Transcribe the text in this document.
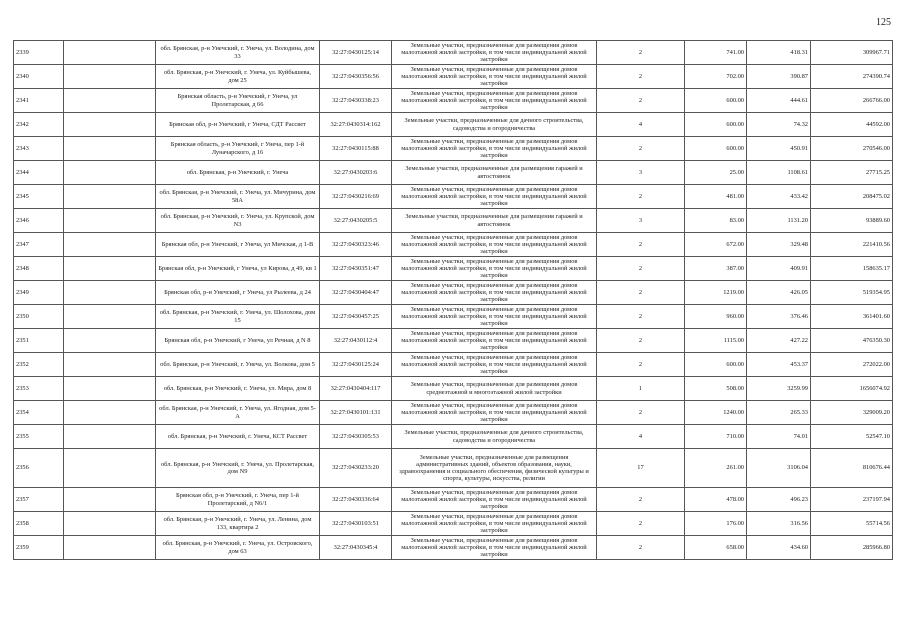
125
2339		обл. Брянская, р-н Унечский, г. Унеча, ул. Володина, дом 33	32:27:0430125:14	Земельные участки, предназначенные для размещения домов малоэтажной жилой застройки, в том числе индивидуальной жилой застройки	2	741.00	418.31	309967.71
2340		обл. Брянская, р-н Унечский, г. Унеча, ул. Куйбышева, дом 25	32:27:0430356:56	Земельные участки, предназначенные для размещения домов малоэтажной жилой застройки, в том числе индивидуальной жилой застройки	2	702.00	390.87	274390.74
2341		Брянская область, р-н Унечский, г Унеча, ул Пролетарская, д 66	32:27:0430338:23	Земельные участки, предназначенные для размещения домов малоэтажной жилой застройки, в том числе индивидуальной жилой застройки	2	600.00	444.61	266766.00
2342		Брянская обл, р-н Унечский, г Унеча, СДТ Рассвет	32:27:0430314:162	Земельные участки, предназначенные для дачного строительства, садоводства и огородничества	4	600.00	74.32	44592.00
2343		Брянская область, р-н Унечский, г Унеча, пер 1-й Луначарского, д 16	32:27:0430115:88	Земельные участки, предназначенные для размещения домов малоэтажной жилой застройки, в том числе индивидуальной жилой застройки	2	600.00	450.91	270546.00
2344		обл. Брянская, р-н Унечский, г. Унеча	32:27:0430203:6	Земельные участки, предназначенные для размещения гаражей и автостоянок	3	25.00	1108.61	27715.25
2345		обл. Брянская, р-н Унечский, г. Унеча, ул. Мичурина, дом 58А	32:27:0430216:69	Земельные участки, предназначенные для размещения домов малоэтажной жилой застройки, в том числе индивидуальной жилой застройки	2	481.00	433.42	208475.02
2346		обл. Брянская, р-н Унечский, г. Унеча, ул. Крупской, дом N3	32:27:0430205:5	Земельные участки, предназначенные для размещения гаражей и автостоянок	3	83.00	1131.20	93889.60
2347		Брянская обл, р-н Унечский, г Унеча, ул Мичская, д 1-В	32:27:0430323:46	Земельные участки, предназначенные для размещения домов малоэтажной жилой застройки, в том числе индивидуальной жилой застройки	2	672.00	329.48	221410.56
2348		Брянская обл, р-н Унечский, г Унеча, ул Кирова, д 49, кв 1	32:27:0430351:47	Земельные участки, предназначенные для размещения домов малоэтажной жилой застройки, в том числе индивидуальной жилой застройки	2	387.00	409.91	158635.17
2349		Брянская обл, р-н Унечский, г Унеча, ул Рылеева, д 24	32:27:0430404:47	Земельные участки, предназначенные для размещения домов малоэтажной жилой застройки, в том числе индивидуальной жилой застройки	2	1219.00	426.05	519354.95
2350		обл. Брянская, р-н Унечский, г. Унеча, ул. Шолохова, дом 15	32:27:0430457:25	Земельные участки, предназначенные для размещения домов малоэтажной жилой застройки, в том числе индивидуальной жилой застройки	2	960.00	376.46	361401.60
2351		Брянская обл, р-н Унечский, г Унеча, ул Речная, д N 8	32:27:0430112:4	Земельные участки, предназначенные для размещения домов малоэтажной жилой застройки, в том числе индивидуальной жилой застройки	2	1115.00	427.22	476350.30
2352		обл. Брянская, р-н Унечский, г. Унеча, ул. Волкова, дом 5	32:27:0430125:24	Земельные участки, предназначенные для размещения домов малоэтажной жилой застройки, в том числе индивидуальной жилой застройки	2	600.00	453.37	272022.00
2353		обл. Брянская, р-н Унечский, г. Унеча, ул. Мира, дом 8	32:27:0430404:117	Земельные участки, предназначенные для размещения домов среднеэтажной и многоэтажной жилой застройки	1	508.00	3259.99	1656074.92
2354		обл. Брянская, р-н Унечский, г. Унеча, ул. Ягодная, дом 5-А	32:27:0430101:131	Земельные участки, предназначенные для размещения домов малоэтажной жилой застройки, в том числе индивидуальной жилой застройки	2	1240.00	265.33	329009.20
2355		обл. Брянская, р-н Унечский, г. Унеча, КСТ Рассвет	32:27:0430305:53	Земельные участки, предназначенные для дачного строительства, садоводства и огородничества	4	710.00	74.01	52547.10
2356		обл. Брянская, р-н Унечский, г. Унеча, ул. Пролетарская, дом N9	32:27:0430233:20	Земельные участки, предназначенные для размещения административных зданий, объектов образования, науки, здравоохранения и социального обеспечения, физической культуры и спорта, культуры, искусства, религии	17	261.00	3106.04	810676.44
2357		Брянская обл, р-н Унечский, г. Унеча, пер 1-й Пролетарский, д N6/1	32:27:0430336:64	Земельные участки, предназначенные для размещения домов малоэтажной жилой застройки, в том числе индивидуальной жилой застройки	2	478.00	496.23	237197.94
2358		обл. Брянская, р-н Унечский, г. Унеча, ул. Ленина, дом 133, квартира 2	32:27:0430103:51	Земельные участки, предназначенные для размещения домов малоэтажной жилой застройки, в том числе индивидуальной жилой застройки	2	176.00	316.56	55714.56
2359		обл. Брянская, р-н Унечский, г. Унеча, ул. Островского, дом 63	32:27:0430345:4	Земельные участки, предназначенные для размещения домов малоэтажной жилой застройки, в том числе индивидуальной жилой застройки	2	658.00	434.60	285966.80
